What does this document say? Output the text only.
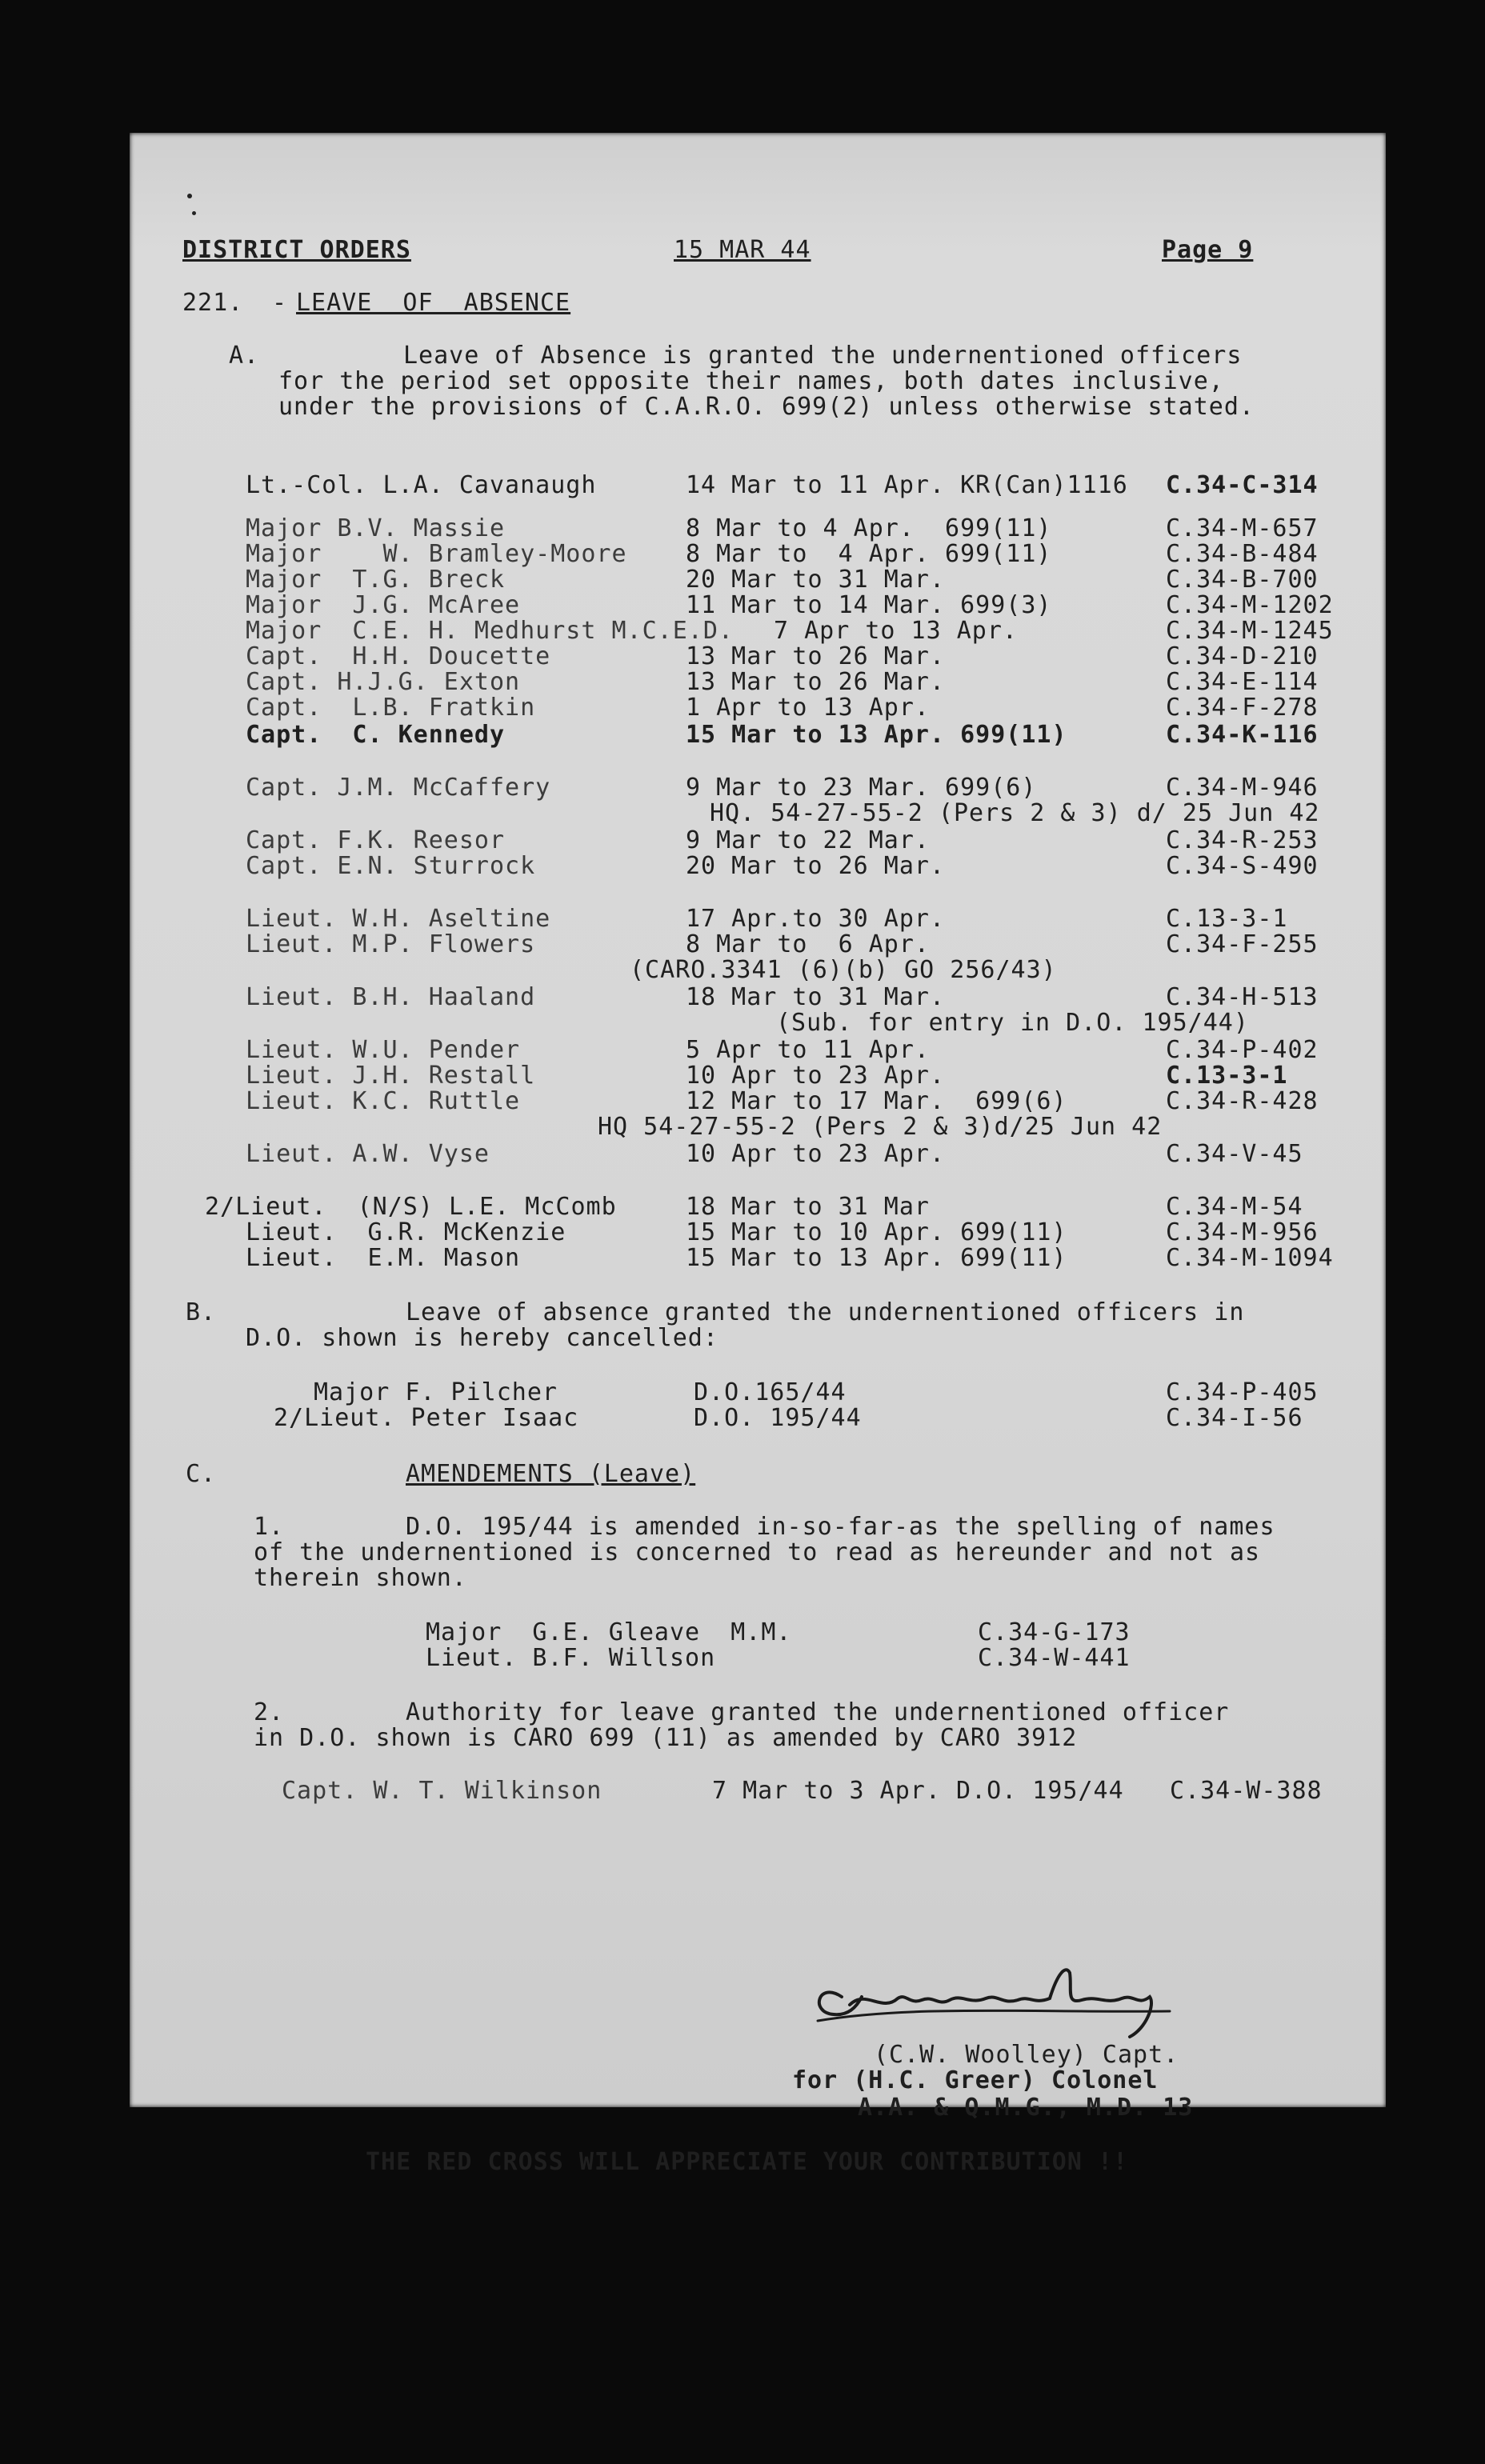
DISTRICT ORDERS	15 MAR 44	Page 9
221. - LEAVE  OF  ABSENCE
A.	Leave of Absence is granted the undernentioned officers
for the period set opposite their names, both dates inclusive,
under the provisions of C.A.R.O. 699(2) unless otherwise stated.
Lt.-Col. L.A. Cavanaugh	14 Mar to 11 Apr. KR(Can)1116 C.34-C-314
Major B.V. Massie	8 Mar to 4 Apr.  699(11)	C.34-M-657
Major    W. Bramley-Moore 8 Mar to  4 Apr. 699(11)	C.34-B-484
Major  T.G. Breck	20 Mar to 31 Mar.	C.34-B-700
Major  J.G. McAree	11 Mar to 14 Mar. 699(3)	C.34-M-1202
Major  C.E. H. Medhurst M.C.E.D. 7 Apr to 13 Apr.	C.34-M-1245
Capt.  H.H. Doucette	13 Mar to 26 Mar.	C.34-D-210
Capt. H.J.G. Exton	13 Mar to 26 Mar.	C.34-E-114
Capt.  L.B. Fratkin	1 Apr to 13 Apr.	C.34-F-278
Capt.  C. Kennedy	15 Mar to 13 Apr. 699(11)	C.34-K-116
Capt. J.M. McCaffery	9 Mar to 23 Mar. 699(6)	C.34-M-946
HQ. 54-27-55-2 (Pers 2 & 3) d/ 25 Jun 42
Capt. F.K. Reesor	9 Mar to 22 Mar.	C.34-R-253
Capt. E.N. Sturrock	20 Mar to 26 Mar.	C.34-S-490
Lieut. W.H. Aseltine	17 Apr.to 30 Apr.	C.13-3-1
Lieut. M.P. Flowers	8 Mar to  6 Apr.	C.34-F-255
(CARO.3341 (6)(b) GO 256/43)
Lieut. B.H. Haaland	18 Mar to 31 Mar.	C.34-H-513
(Sub. for entry in D.O. 195/44)
Lieut. W.U. Pender	5 Apr to 11 Apr.	C.34-P-402
Lieut. J.H. Restall	10 Apr to 23 Apr.	C.13-3-1
Lieut. K.C. Ruttle	12 Mar to 17 Mar.  699(6)	C.34-R-428
HQ 54-27-55-2 (Pers 2 & 3)d/25 Jun 42
Lieut. A.W. Vyse	10 Apr to 23 Apr.	C.34-V-45
2/Lieut.  (N/S) L.E. McComb	18 Mar to 31 Mar	C.34-M-54
Lieut.  G.R. McKenzie	15 Mar to 10 Apr. 699(11)	C.34-M-956
Lieut.  E.M. Mason	15 Mar to 13 Apr. 699(11)	C.34-M-1094
B.	Leave of absence granted the undernentioned officers in
D.O. shown is hereby cancelled:
Major F. Pilcher	D.O.165/44	C.34-P-405
2/Lieut. Peter Isaac	D.O. 195/44	C.34-I-56
C.	AMENDEMENTS (Leave)
1.	D.O. 195/44 is amended in-so-far-as the spelling of names
of the undernentioned is concerned to read as hereunder and not as
therein shown.
Major  G.E. Gleave  M.M.	C.34-G-173
Lieut. B.F. Willson	C.34-W-441
2.	Authority for leave granted the undernentioned officer
in D.O. shown is CARO 699 (11) as amended by CARO 3912
Capt. W. T. Wilkinson	7 Mar to 3 Apr. D.O. 195/44 C.34-W-388
(C.W. Woolley) Capt.
for (H.C. Greer) Colonel
A.A. & Q.M.G., M.D. 13
THE RED CROSS WILL APPRECIATE YOUR CONTRIBUTION !!
